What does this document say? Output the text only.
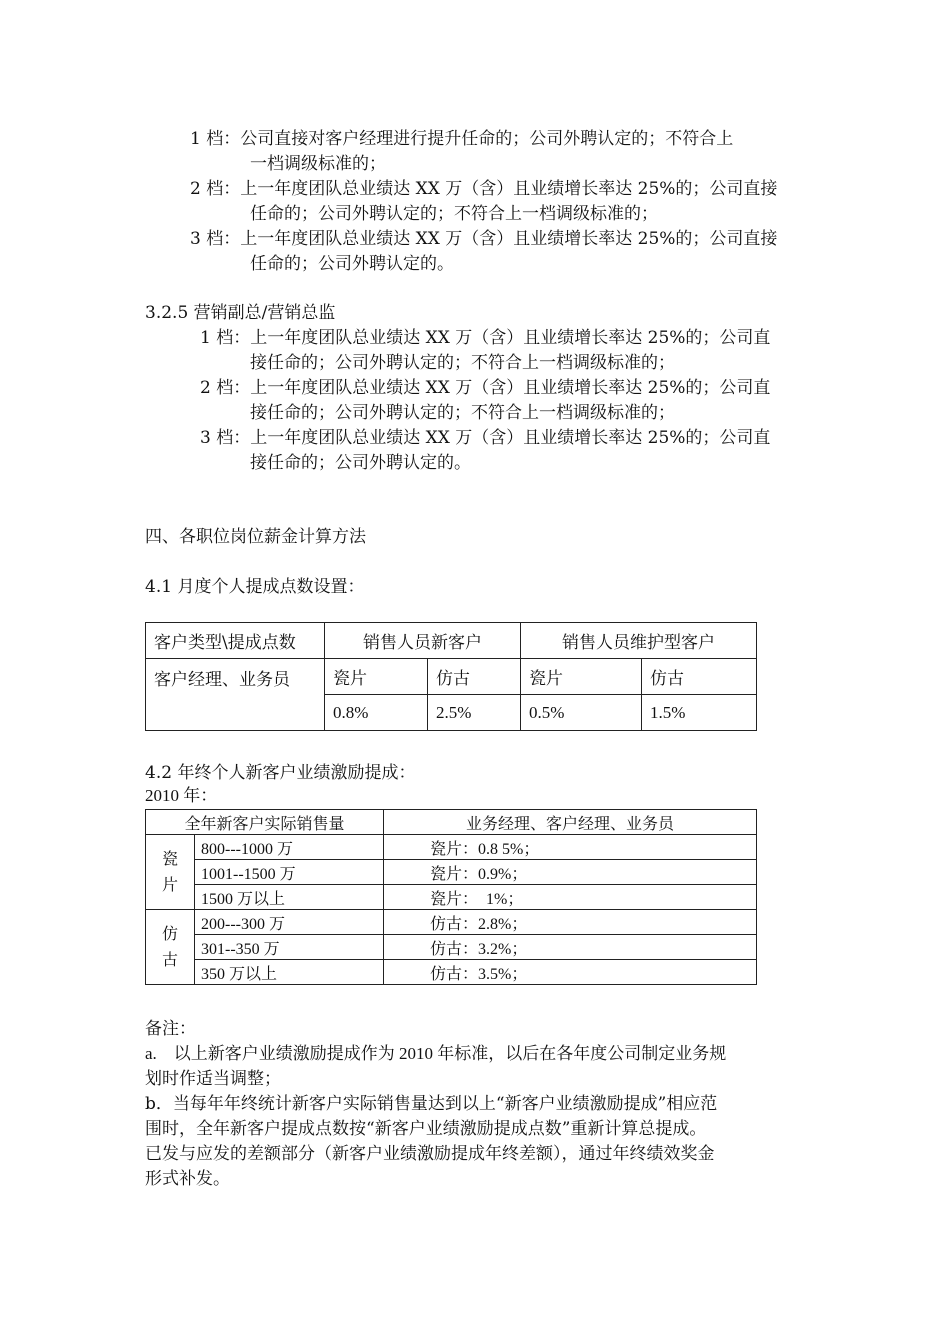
1 档：公司直接对客户经理进行提升任命的；公司外聘认定的；不符合上
一档调级标准的；
2 档：上一年度团队总业绩达 XX 万（含）且业绩增长率达 25%的；公司直接
任命的；公司外聘认定的；不符合上一档调级标准的；
3 档：上一年度团队总业绩达 XX 万（含）且业绩增长率达 25%的；公司直接
任命的；公司外聘认定的。
3.2.5 营销副总/营销总监
1 档：上一年度团队总业绩达 XX 万（含）且业绩增长率达 25%的；公司直
接任命的；公司外聘认定的；不符合上一档调级标准的；
2 档：上一年度团队总业绩达 XX 万（含）且业绩增长率达 25%的；公司直
接任命的；公司外聘认定的；不符合上一档调级标准的；
3 档：上一年度团队总业绩达 XX 万（含）且业绩增长率达 25%的；公司直
接任命的；公司外聘认定的。
四、各职位岗位薪金计算方法
4.1 月度个人提成点数设置：
客户类型\提成点数	销售人员新客户		销售人员维护型客户	
客户经理、业务员	瓷片	仿古	瓷片	仿古
	0.8%	2.5%	0.5%	1.5%
4.2 年终个人新客户业绩激励提成：
2010 年：
全年新客户实际销售量		业务经理、客户经理、业务员
瓷片	800---1000 万	瓷片：0.8 5%；
	1001--1500 万	瓷片：0.9%；
	1500 万以上	瓷片：  1%；
仿古	200---300 万	仿古：2.8%；
	301--350 万	仿古：3.2%；
	350 万以上	仿古：3.5%；
备注：
a.    以上新客户业绩激励提成作为 2010 年标准，以后在各年度公司制定业务规
划时作适当调整；
b．当每年年终统计新客户实际销售量达到以上“新客户业绩激励提成”相应范
围时，全年新客户提成点数按“新客户业绩激励提成点数”重新计算总提成。
已发与应发的差额部分（新客户业绩激励提成年终差额），通过年终绩效奖金
形式补发。
